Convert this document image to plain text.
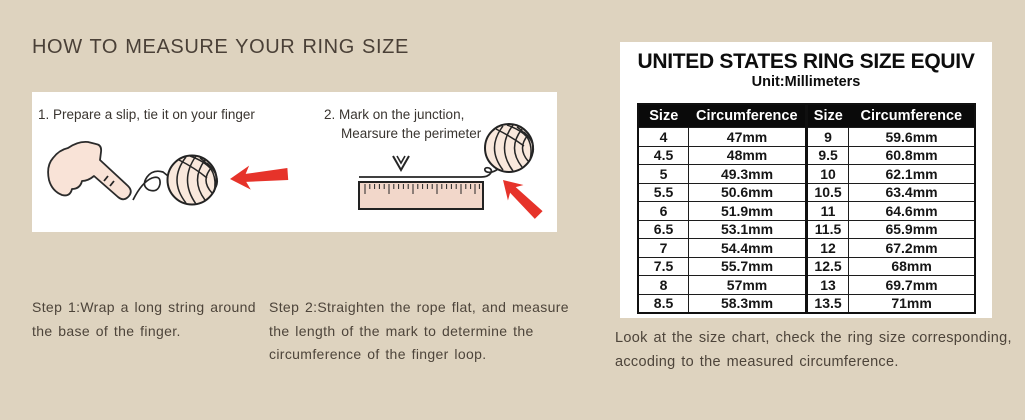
HOW TO MEASURE YOUR RING SIZE
1. Prepare a slip, tie it on your finger	2. Mark on the junction,
Mearsure the perimeter
Step 1:Wrap a long string around
the base of the finger.
Step 2:Straighten the rope flat, and measure
the length of the mark to determine the
circumference of the finger loop.
UNITED STATES RING SIZE EQUIV
Unit:Millimeters
Size	Circumference	Size	Circumference
4	47mm	9	59.6mm
4.5	48mm	9.5	60.8mm
5	49.3mm	10	62.1mm
5.5	50.6mm	10.5	63.4mm
6	51.9mm	11	64.6mm
6.5	53.1mm	11.5	65.9mm
7	54.4mm	12	67.2mm
7.5	55.7mm	12.5	68mm
8	57mm	13	69.7mm
8.5	58.3mm	13.5	71mm
Look at the size chart, check the ring size corresponding,
accoding to the measured circumference.
